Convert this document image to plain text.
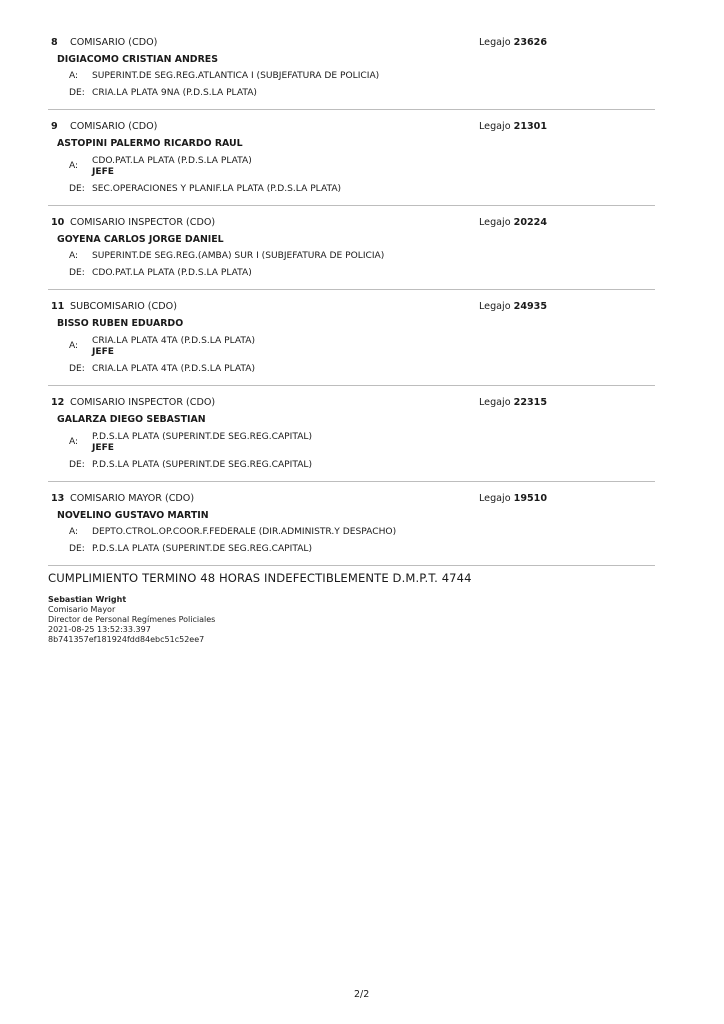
8 COMISARIO (CDO)	Legajo 23626
DIGIACOMO CRISTIAN ANDRES
A:	SUPERINT.DE SEG.REG.ATLANTICA I (SUBJEFATURA DE POLICIA)
DE: CRIA.LA PLATA 9NA (P.D.S.LA PLATA)
9 COMISARIO (CDO)	Legajo 21301
ASTOPINI PALERMO RICARDO RAUL
A:
CDO.PAT.LA PLATA (P.D.S.LA PLATA)
JEFE
DE: SEC.OPERACIONES Y PLANIF.LA PLATA (P.D.S.LA PLATA)
10 COMISARIO INSPECTOR (CDO)	Legajo 20224
GOYENA CARLOS JORGE DANIEL
A:	SUPERINT.DE SEG.REG.(AMBA) SUR I (SUBJEFATURA DE POLICIA)
DE: CDO.PAT.LA PLATA (P.D.S.LA PLATA)
11 SUBCOMISARIO (CDO)	Legajo 24935
BISSO RUBEN EDUARDO
A:
CRIA.LA PLATA 4TA (P.D.S.LA PLATA)
JEFE
DE: CRIA.LA PLATA 4TA (P.D.S.LA PLATA)
12 COMISARIO INSPECTOR (CDO)	Legajo 22315
GALARZA DIEGO SEBASTIAN
A:
P.D.S.LA PLATA (SUPERINT.DE SEG.REG.CAPITAL)
JEFE
DE: P.D.S.LA PLATA (SUPERINT.DE SEG.REG.CAPITAL)
13 COMISARIO MAYOR (CDO)	Legajo 19510
NOVELINO GUSTAVO MARTIN
A:	DEPTO.CTROL.OP.COOR.F.FEDERALE (DIR.ADMINISTR.Y DESPACHO)
DE: P.D.S.LA PLATA (SUPERINT.DE SEG.REG.CAPITAL)
CUMPLIMIENTO TERMINO 48 HORAS INDEFECTIBLEMENTE D.M.P.T. 4744
Sebastian Wright
Comisario Mayor
Director de Personal Regímenes Policiales
2021-08-25 13:52:33.397
8b741357ef181924fdd84ebc51c52ee7
2/2
